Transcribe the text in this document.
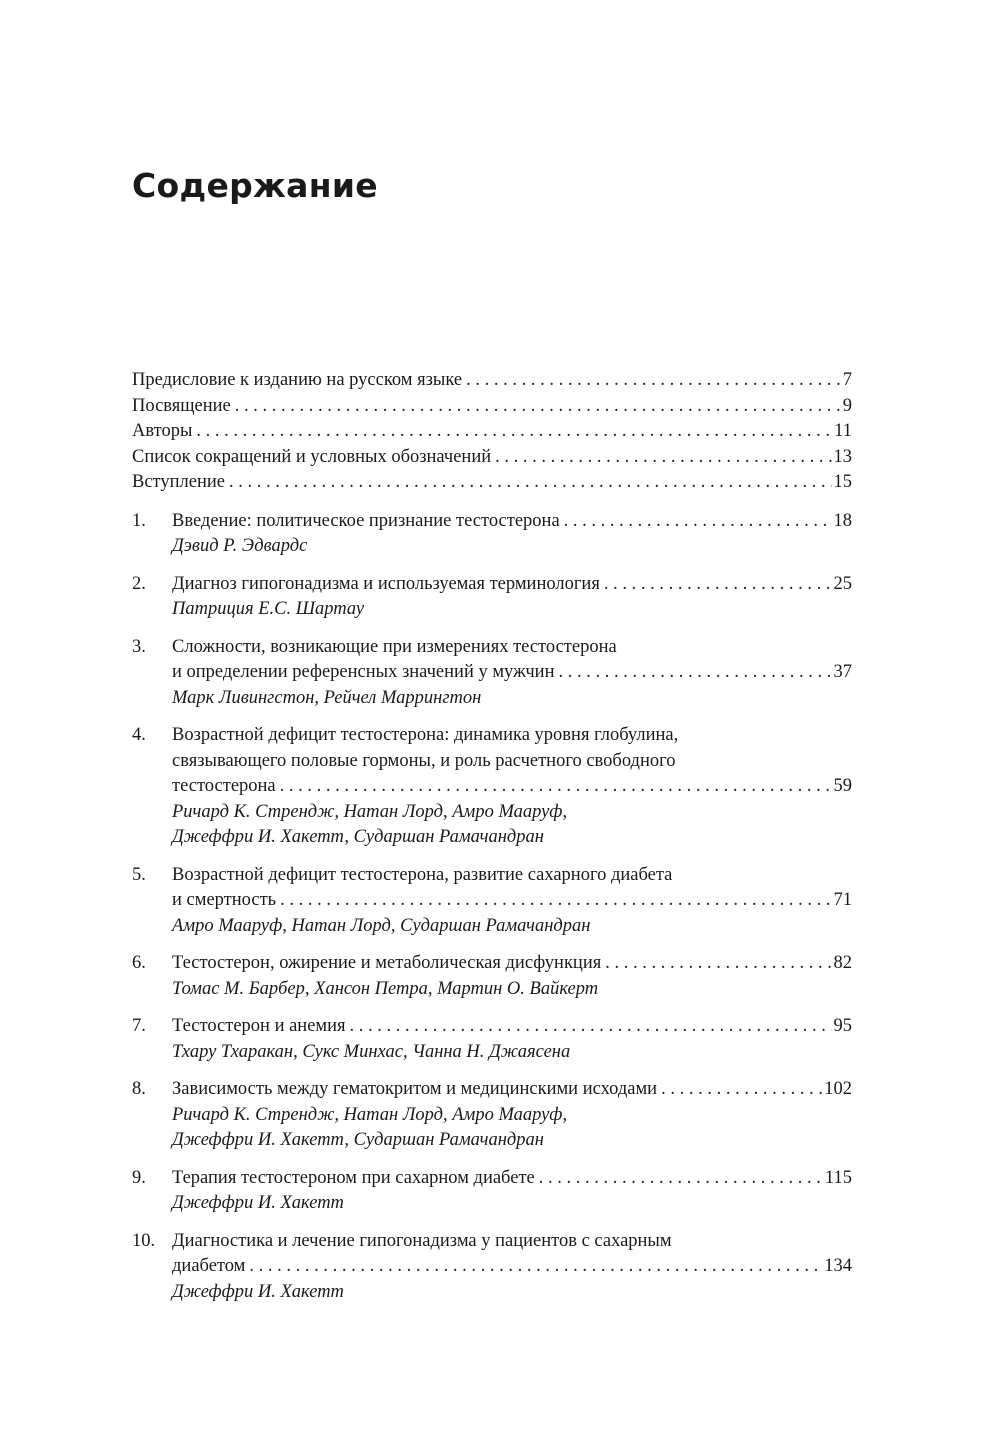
Содержание
Предисловие к изданию на русском языке . . .	7
Посвящение . . .	9
Авторы . . .	11
Список сокращений и условных обозначений . . .	13
Вступление . . .	15
1.	Введение: политическое признание тестостерона . . .	18
Дэвид Р. Эдвардс
2.	Диагноз гипогонадизма и используемая терминология . . .	25
Патриция Е.С. Шартау
3.	Сложности, возникающие при измерениях тестостерона
и определении референсных значений у мужчин . . .	37
Марк Ливингстон, Рейчел Маррингтон
4.	Возрастной дефицит тестостерона: динамика уровня глобулина,
связывающего половые гормоны, и роль расчетного свободного
тестостерона . . .	59
Ричард К. Стрендж, Натан Лорд, Амро Мааруф,
Джеффри И. Хакетт, Сударшан Рамачандран
5.	Возрастной дефицит тестостерона, развитие сахарного диабета
и смертность . . .	71
Амро Мааруф, Натан Лорд, Сударшан Рамачандран
6.	Тестостерон, ожирение и метаболическая дисфункция . . .	82
Томас М. Барбер, Хансон Петра, Мартин О. Вайкерт
7.	Тестостерон и анемия . . .	95
Тхару Тхаракан, Сукс Минхас, Чанна Н. Джаясена
8.	Зависимость между гематокритом и медицинскими исходами . . .	102
Ричард К. Стрендж, Натан Лорд, Амро Мааруф,
Джеффри И. Хакетт, Сударшан Рамачандран
9.	Терапия тестостероном при сахарном диабете . . .	115
Джеффри И. Хакетт
10. Диагностика и лечение гипогонадизма у пациентов с сахарным
диабетом . . .	134
Джеффри И. Хакетт
